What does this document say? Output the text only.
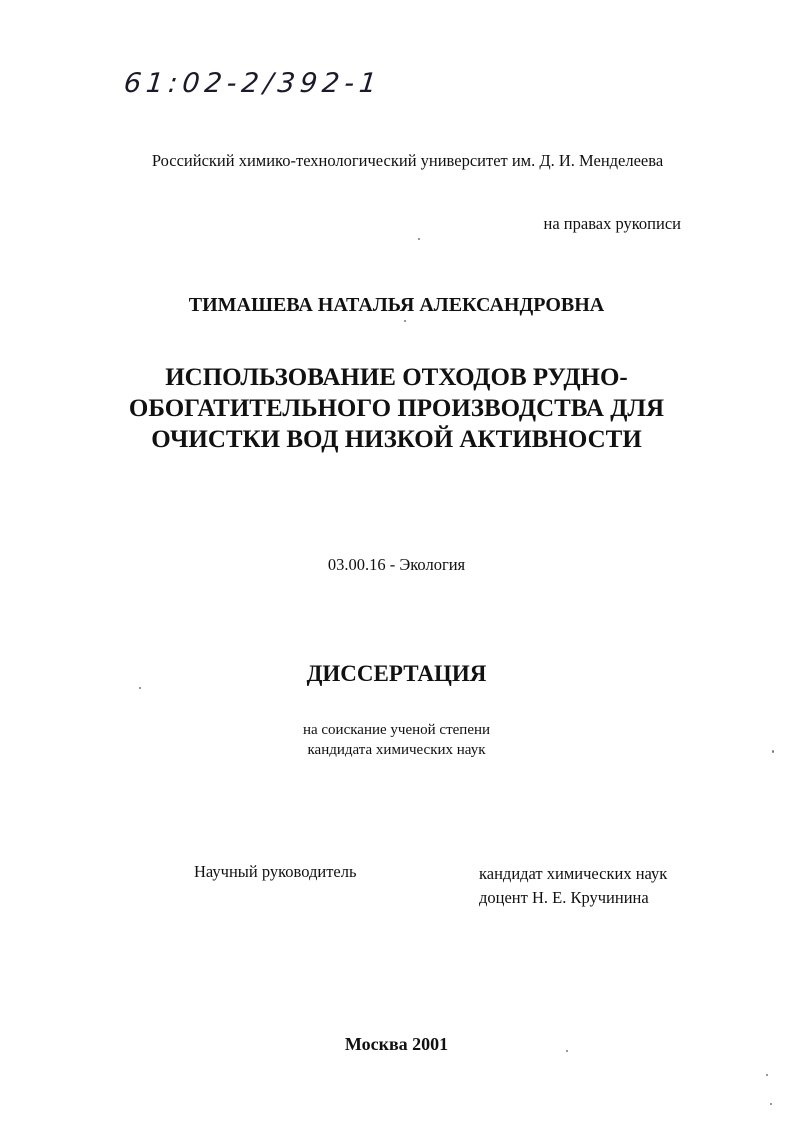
61:02-2/392-1
Российский химико-технологический университет им. Д. И. Менделеева
на правах рукописи
ТИМАШЕВА НАТАЛЬЯ АЛЕКСАНДРОВНА
ИСПОЛЬЗОВАНИЕ ОТХОДОВ РУДНО-
ОБОГАТИТЕЛЬНОГО ПРОИЗВОДСТВА ДЛЯ
ОЧИСТКИ ВОД НИЗКОЙ АКТИВНОСТИ
03.00.16 - Экология
ДИССЕРТАЦИЯ
на соискание ученой степени
кандидата химических наук
Научный руководитель	кандидат химических наук
доцент Н. Е. Кручинина
Москва 2001
